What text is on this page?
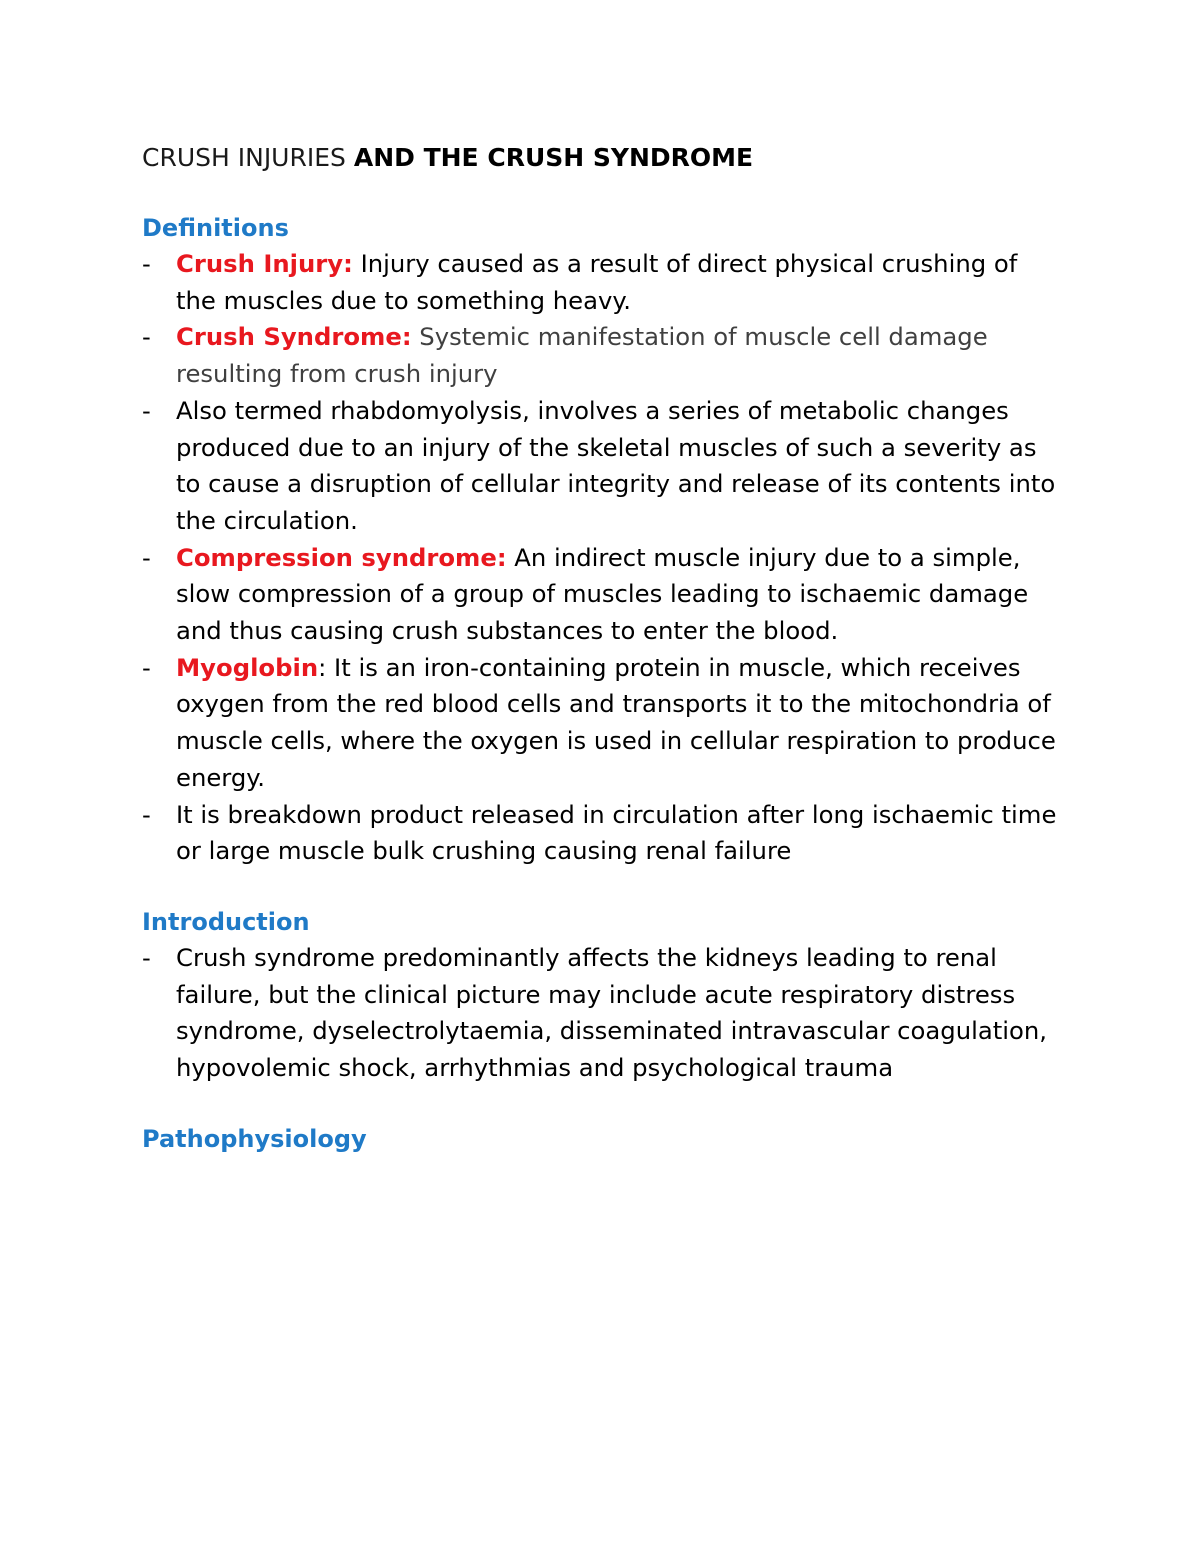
CRUSH INJURIES AND THE CRUSH SYNDROME
Definitions
- Crush Injury: Injury caused as a result of direct physical crushing of the muscles due to something heavy.
- Crush Syndrome: Systemic manifestation of muscle cell damage resulting from crush injury
- Also termed rhabdomyolysis, involves a series of metabolic changes produced due to an injury of the skeletal muscles of such a severity as to cause a disruption of cellular integrity and release of its contents into the circulation.
- Compression syndrome: An indirect muscle injury due to a simple, slow compression of a group of muscles leading to ischaemic damage and thus causing crush substances to enter the blood.
- Myoglobin: It is an iron-containing protein in muscle, which receives oxygen from the red blood cells and transports it to the mitochondria of muscle cells, where the oxygen is used in cellular respiration to produce energy.
- It is breakdown product released in circulation after long ischaemic time or large muscle bulk crushing causing renal failure
Introduction
- Crush syndrome predominantly affects the kidneys leading to renal failure, but the clinical picture may include acute respiratory distress syndrome, dyselectrolytaemia, disseminated intravascular coagulation, hypovolemic shock, arrhythmias and psychological trauma
Pathophysiology
